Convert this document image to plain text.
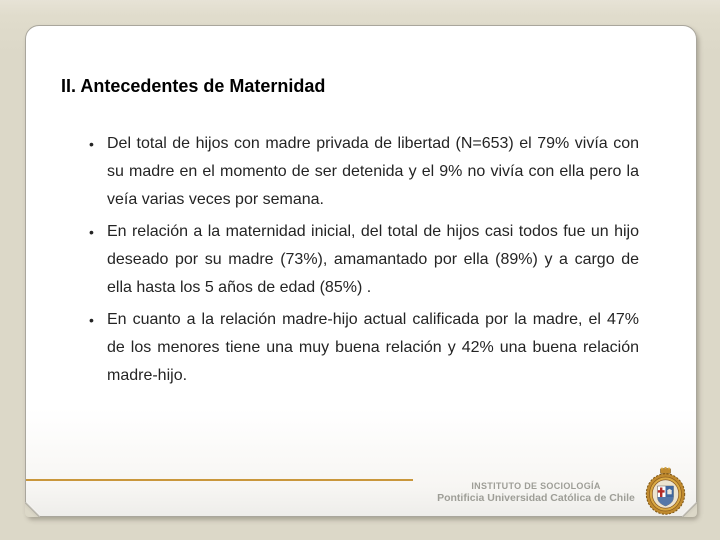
II. Antecedentes de Maternidad
• Del total de hijos con madre privada de libertad (N=653) el 79% vivía con su madre en el momento de ser detenida y el 9% no vivía con ella pero la veía varias veces por semana.
• En relación a la maternidad inicial, del total de hijos casi todos fue un hijo deseado por su madre (73%), amamantado por ella (89%) y a cargo de ella hasta los 5 años de edad (85%) .
• En cuanto a la relación madre-hijo actual calificada por la madre, el 47% de los menores tiene una muy buena relación y 42% una buena relación madre-hijo.
INSTITUTO DE SOCIOLOGÍA
Pontificia Universidad Católica de Chile
